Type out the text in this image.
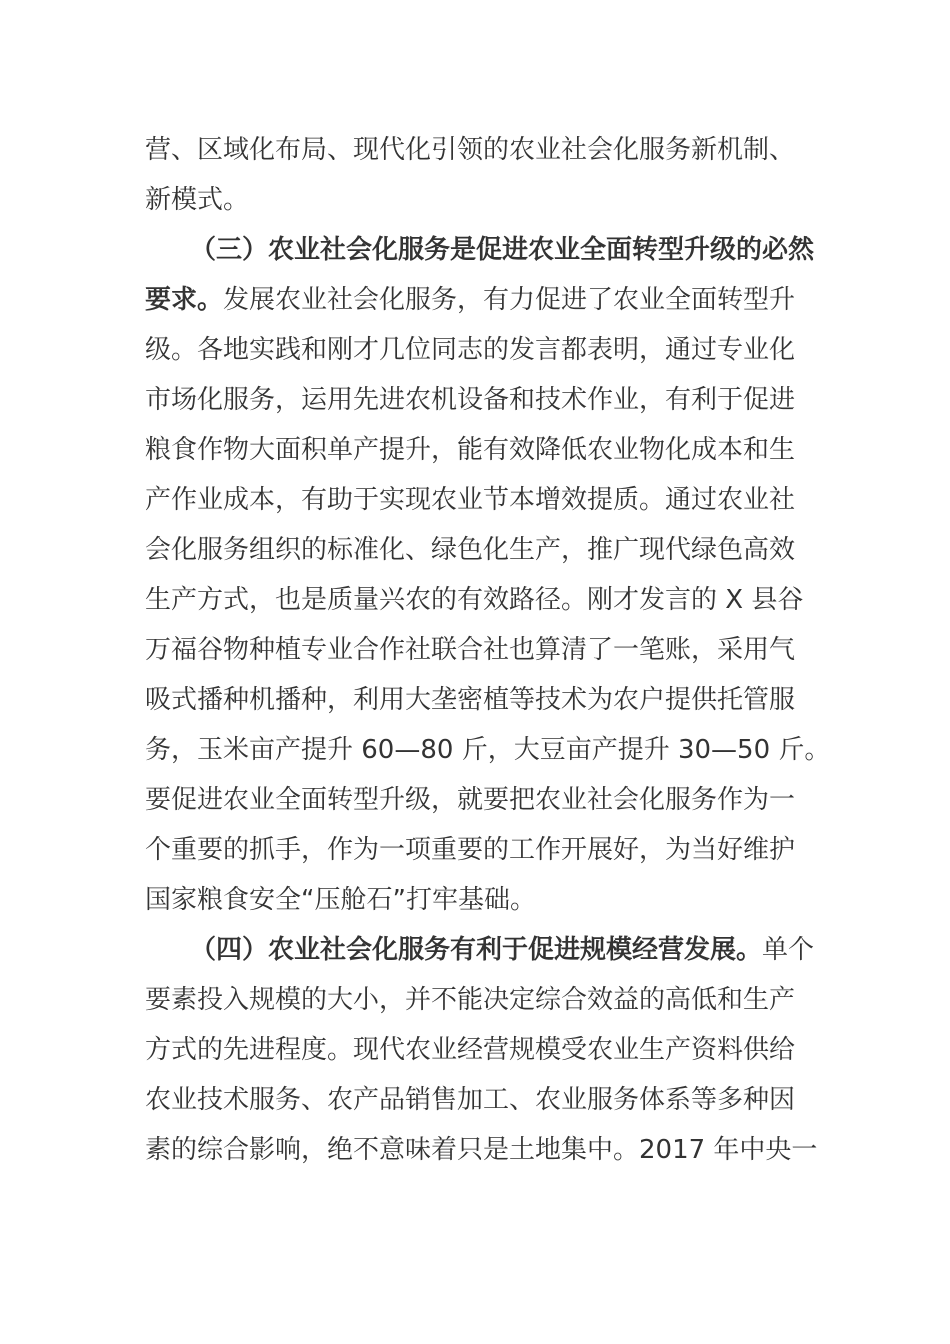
营、区域化布局、现代化引领的农业社会化服务新机制、
新模式。
（三）农业社会化服务是促进农业全面转型升级的必然
要求。发展农业社会化服务，有力促进了农业全面转型升
级。各地实践和刚才几位同志的发言都表明，通过专业化
市场化服务，运用先进农机设备和技术作业，有利于促进
粮食作物大面积单产提升，能有效降低农业物化成本和生
产作业成本，有助于实现农业节本增效提质。通过农业社
会化服务组织的标准化、绿色化生产，推广现代绿色高效
生产方式，也是质量兴农的有效路径。刚才发言的 X 县谷
万福谷物种植专业合作社联合社也算清了一笔账，采用气
吸式播种机播种，利用大垄密植等技术为农户提供托管服
务，玉米亩产提升 60—80 斤，大豆亩产提升 30—50 斤。
要促进农业全面转型升级，就要把农业社会化服务作为一
个重要的抓手，作为一项重要的工作开展好，为当好维护
国家粮食安全“压舱石”打牢基础。
（四）农业社会化服务有利于促进规模经营发展。单个
要素投入规模的大小，并不能决定综合效益的高低和生产
方式的先进程度。现代农业经营规模受农业生产资料供给
农业技术服务、农产品销售加工、农业服务体系等多种因
素的综合影响，绝不意味着只是土地集中。2017 年中央一
